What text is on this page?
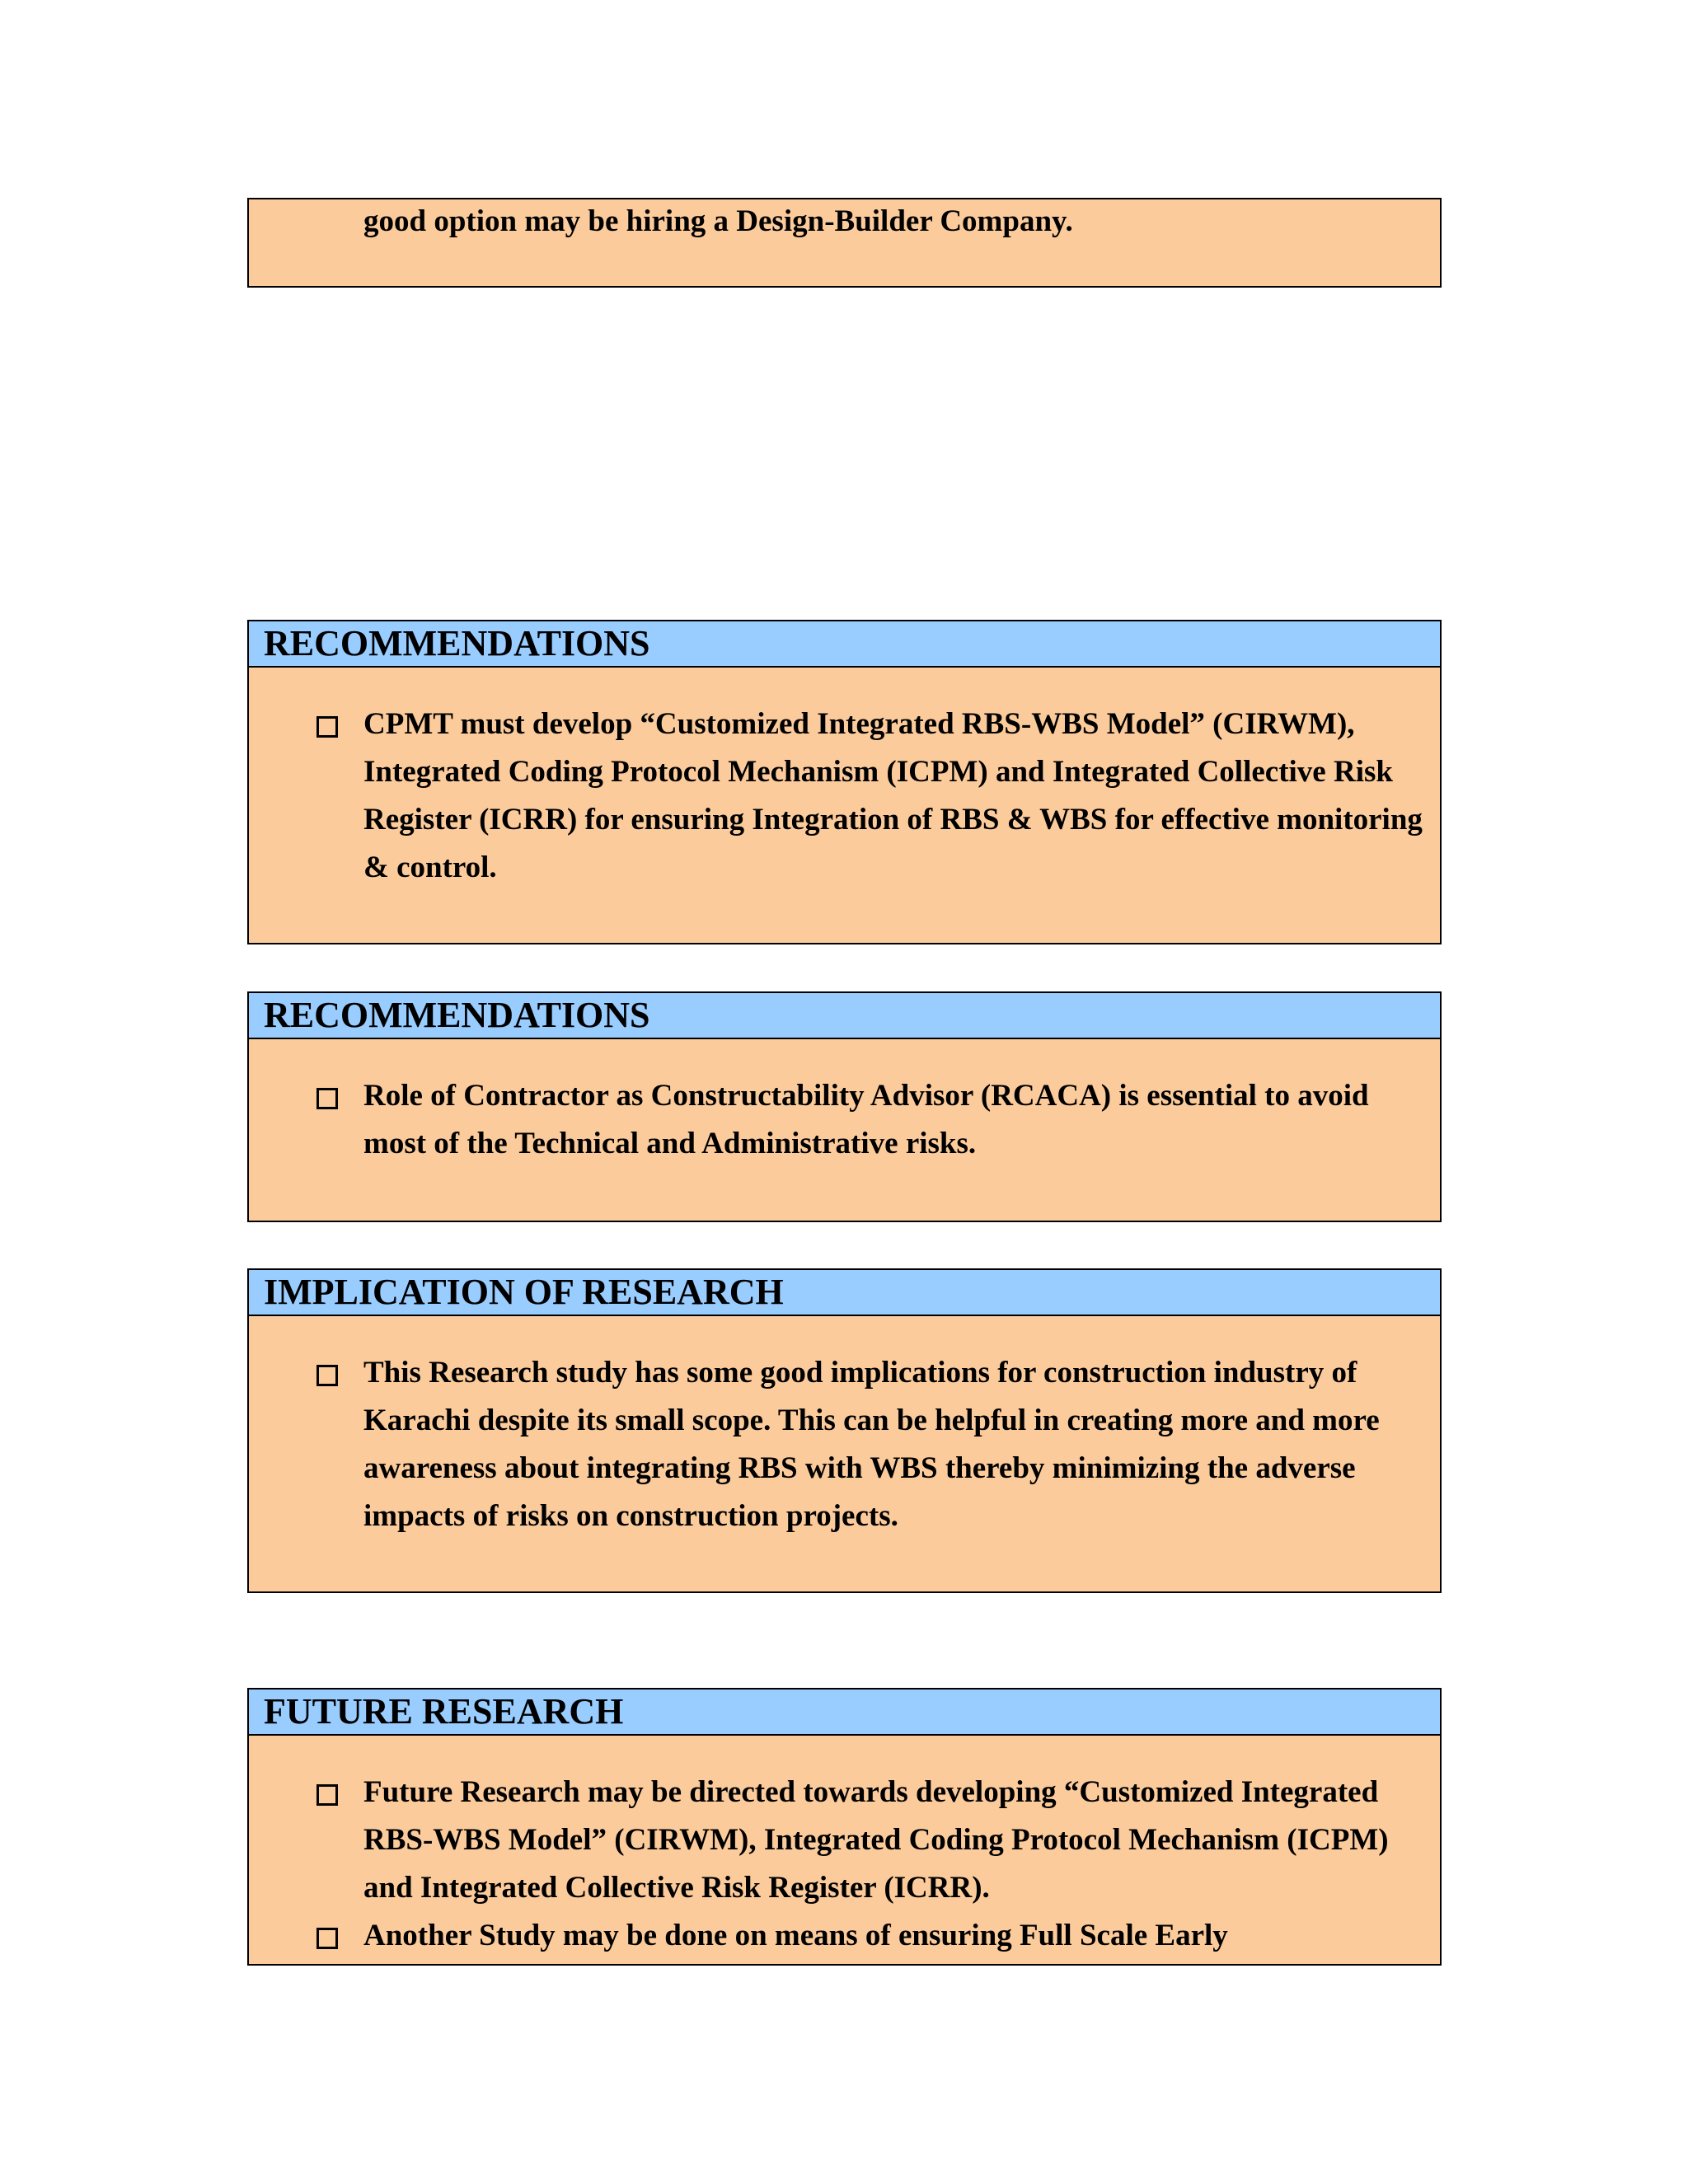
good option may be hiring a Design-Builder Company.
RECOMMENDATIONS
CPMT must develop “Customized Integrated RBS-WBS Model” (CIRWM), Integrated Coding Protocol Mechanism (ICPM) and Integrated Collective Risk Register (ICRR) for ensuring Integration of RBS & WBS for effective monitoring & control.
RECOMMENDATIONS
Role of Contractor as Constructability Advisor (RCACA) is essential to avoid most of the Technical and Administrative risks.
IMPLICATION OF RESEARCH
This Research study has some good implications for construction industry of Karachi despite its small scope. This can be helpful in creating more and more awareness about integrating RBS with WBS thereby minimizing the adverse impacts of risks on construction projects.
FUTURE RESEARCH
Future Research may be directed towards developing “Customized Integrated RBS-WBS Model” (CIRWM), Integrated Coding Protocol Mechanism (ICPM) and Integrated Collective Risk Register (ICRR).
Another Study may be done on means of ensuring Full Scale Early
